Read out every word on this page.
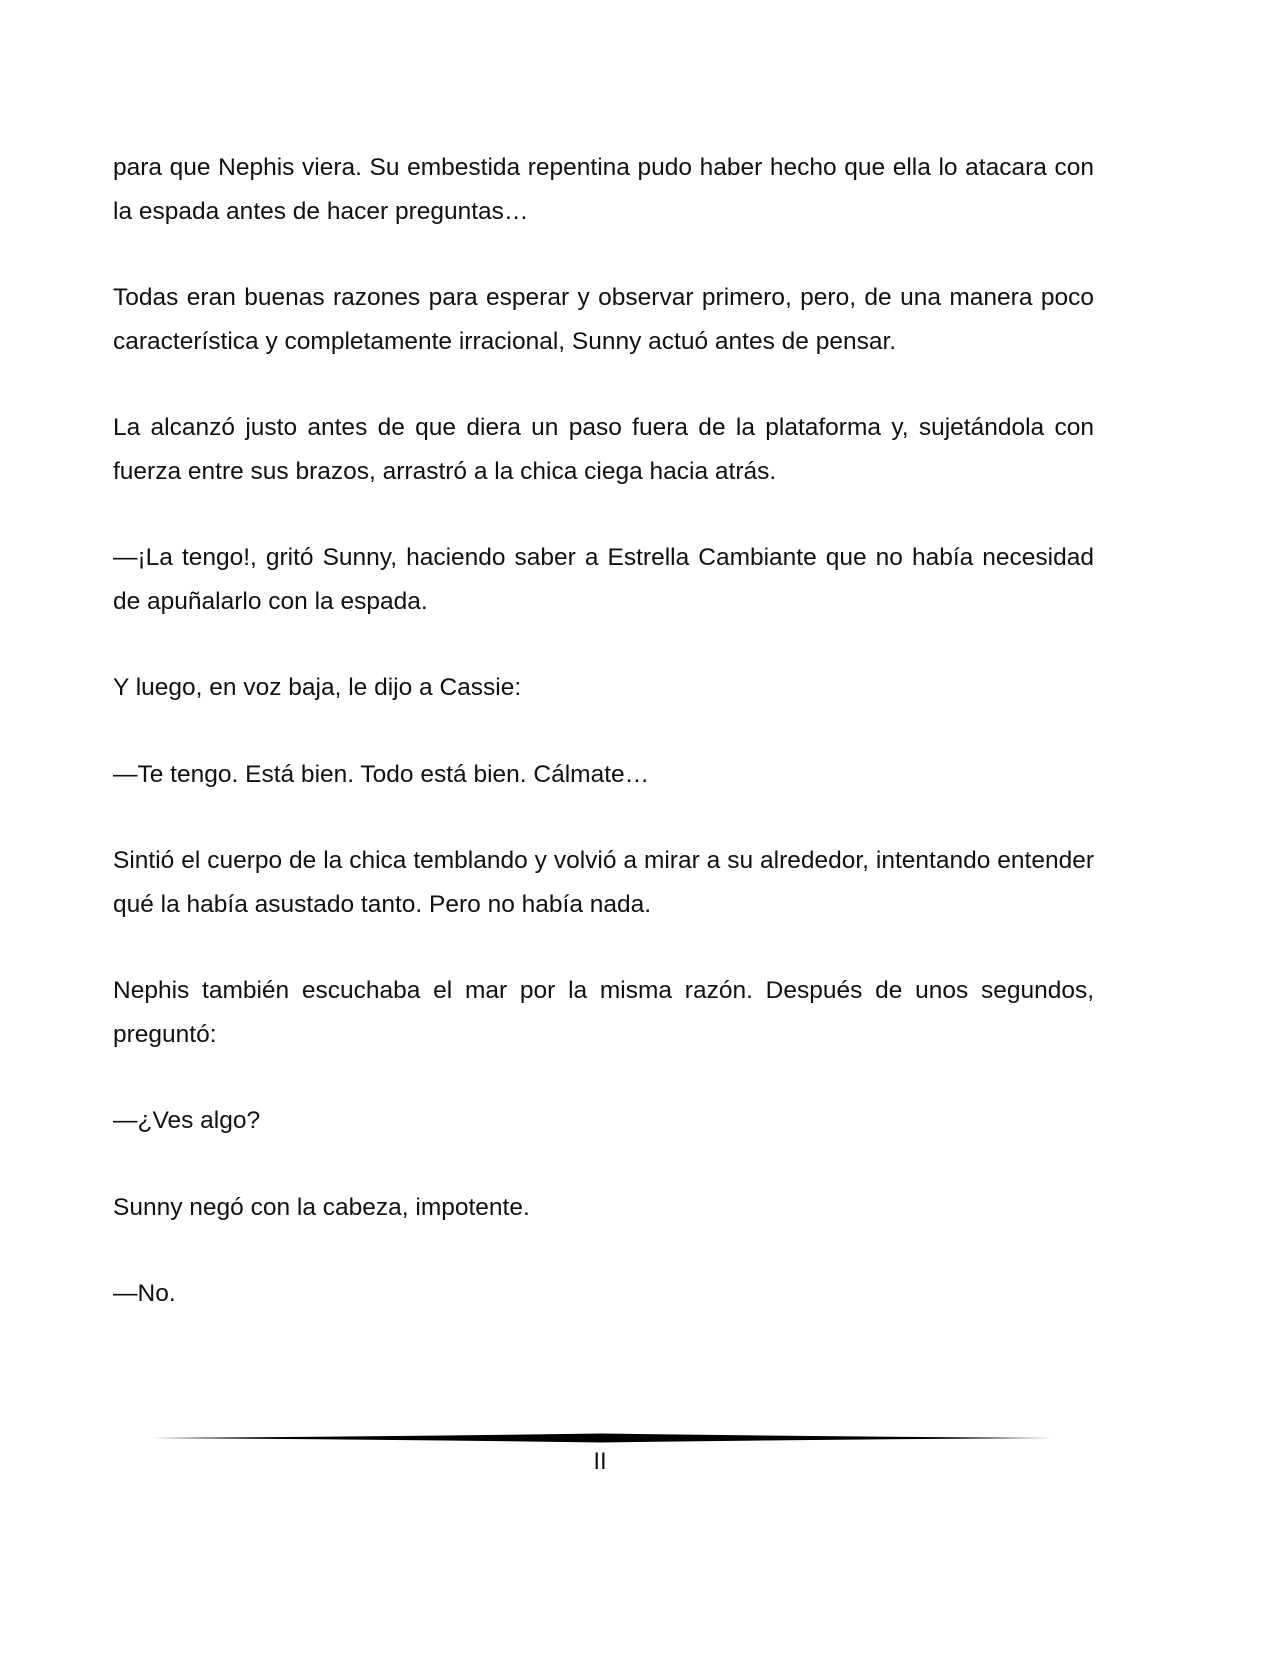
para que Nephis viera. Su embestida repentina pudo haber hecho que ella lo atacara con la espada antes de hacer preguntas…

Todas eran buenas razones para esperar y observar primero, pero, de una manera poco característica y completamente irracional, Sunny actuó antes de pensar.

La alcanzó justo antes de que diera un paso fuera de la plataforma y, sujetándola con fuerza entre sus brazos, arrastró a la chica ciega hacia atrás.

—¡La tengo!, gritó Sunny, haciendo saber a Estrella Cambiante que no había necesidad de apuñalarlo con la espada.

Y luego, en voz baja, le dijo a Cassie:

—Te tengo. Está bien. Todo está bien. Cálmate…

Sintió el cuerpo de la chica temblando y volvió a mirar a su alrededor, intentando entender qué la había asustado tanto. Pero no había nada.

Nephis también escuchaba el mar por la misma razón. Después de unos segundos, preguntó:

—¿Ves algo?

Sunny negó con la cabeza, impotente.

—No.

II
